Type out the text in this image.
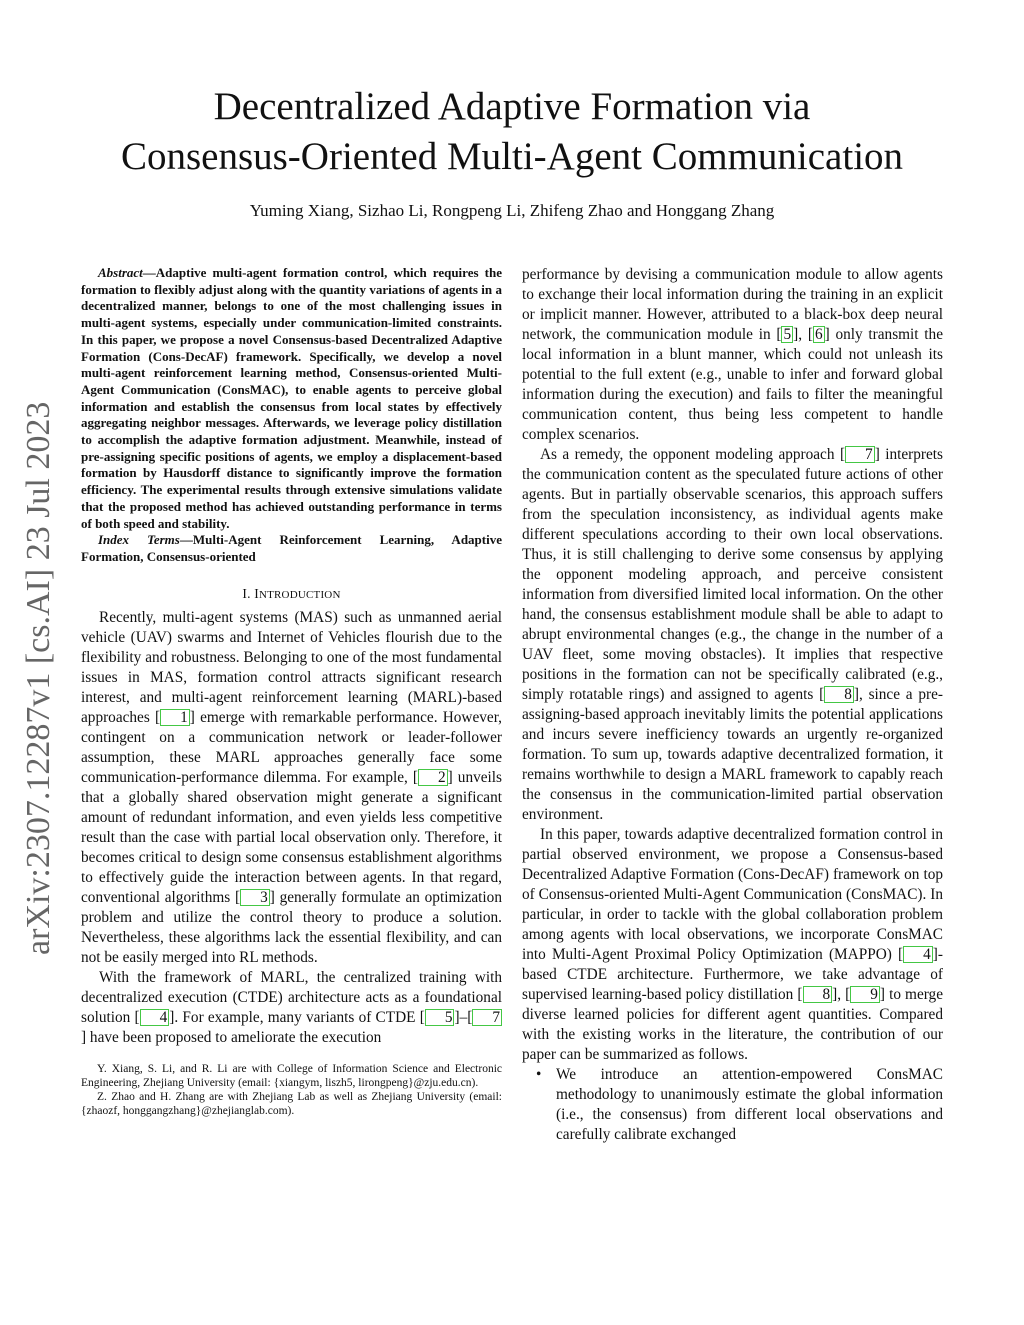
Decentralized Adaptive Formation via
Consensus-Oriented Multi-Agent Communication
Yuming Xiang, Sizhao Li, Rongpeng Li, Zhifeng Zhao and Honggang Zhang
arXiv:2307.12287v1 [cs.AI] 23 Jul 2023

Abstract—Adaptive multi-agent formation control, which requires the formation to flexibly adjust along with the quantity variations of agents in a decentralized manner, belongs to one of the most challenging issues in multi-agent systems, especially under communication-limited constraints. In this paper, we propose a novel Consensus-based Decentralized Adaptive Formation (Cons-DecAF) framework. Specifically, we develop a novel multi-agent reinforcement learning method, Consensus-oriented Multi-Agent Communication (ConsMAC), to enable agents to perceive global information and establish the consensus from local states by effectively aggregating neighbor messages. Afterwards, we leverage policy distillation to accomplish the adaptive formation adjustment. Meanwhile, instead of pre-assigning specific positions of agents, we employ a displacement-based formation by Hausdorff distance to significantly improve the formation efficiency. The experimental results through extensive simulations validate that the proposed method has achieved outstanding performance in terms of both speed and stability.

Index Terms—Multi-Agent Reinforcement Learning, Adaptive Formation, Consensus-oriented

I. INTRODUCTION

Recently, multi-agent systems (MAS) such as unmanned aerial vehicle (UAV) swarms and Internet of Vehicles flourish due to the flexibility and robustness. Belonging to one of the most fundamental issues in MAS, formation control attracts significant research interest, and multi-agent reinforcement learning (MARL)-based approaches [ 1 ] emerge with remarkable performance. However, contingent on a communication network or leader-follower assumption, these MARL approaches generally face some communication-performance dilemma. For example, [ 2 ] unveils that a globally shared observation might generate a significant amount of redundant information, and even yields less competitive result than the case with partial local observation only. Therefore, it becomes critical to design some consensus establishment algorithms to effectively guide the interaction between agents. In that regard, conventional algorithms [ 3 ] generally formulate an optimization problem and utilize the control theory to produce a solution. Nevertheless, these algorithms lack the essential flexibility, and can not be easily merged into RL methods.

With the framework of MARL, the centralized training with decentralized execution (CTDE) architecture acts as a foundational solution [ 4 ]. For example, many variants of CTDE [ 5 ]–[ 7] have been proposed to ameliorate the execution

Y. Xiang, S. Li, and R. Li are with College of Information Science and Electronic Engineering, Zhejiang University (email: {xiangym, liszh5, lirongpeng}@zju.edu.cn).

Z. Zhao and H. Zhang are with Zhejiang Lab as well as Zhejiang University (email: {zhaozf, honggangzhang}@zhejianglab.com).

performance by devising a communication module to allow agents to exchange their local information during the training in an explicit or implicit manner. However, attributed to a black-box deep neural network, the communication module in [ 5 ], [ 6 ] only transmit the local information in a blunt manner, which could not unleash its potential to the full extent (e.g., unable to infer and forward global information during the execution) and fails to filter the meaningful communication content, thus being less competent to handle complex scenarios.

As a remedy, the opponent modeling approach [ 7 ] interprets the communication content as the speculated future actions of other agents. But in partially observable scenarios, this approach suffers from the speculation inconsistency, as individual agents make different speculations according to their own local observations. Thus, it is still challenging to derive some consensus by applying the opponent modeling approach, and perceive consistent information from diversified limited local information. On the other hand, the consensus establishment module shall be able to adapt to abrupt environmental changes (e.g., the change in the number of a UAV fleet, some moving obstacles). It implies that respective positions in the formation can not be specifically calibrated (e.g., simply rotatable rings) and assigned to agents [ 8 ], since a pre-assigning-based approach inevitably limits the potential applications and incurs severe inefficiency towards an urgently re-organized formation. To sum up, towards adaptive decentralized formation, it remains worthwhile to design a MARL framework to capably reach the consensus in the communication-limited partial observation environment.

In this paper, towards adaptive decentralized formation control in partial observed environment, we propose a Consensus-based Decentralized Adaptive Formation (Cons-DecAF) framework on top of Consensus-oriented Multi-Agent Communication (ConsMAC). In particular, in order to tackle with the global collaboration problem among agents with local observations, we incorporate ConsMAC into Multi-Agent Proximal Policy Optimization (MAPPO) [ 4 ]-based CTDE architecture. Furthermore, we take advantage of supervised learning-based policy distillation [ 8 ], [ 9 ] to merge diverse learned policies for different agent quantities. Compared with the existing works in the literature, the contribution of our paper can be summarized as follows.

• We introduce an attention-empowered ConsMAC methodology to unanimously estimate the global information (i.e., the consensus) from different local observations and carefully calibrate exchanged
